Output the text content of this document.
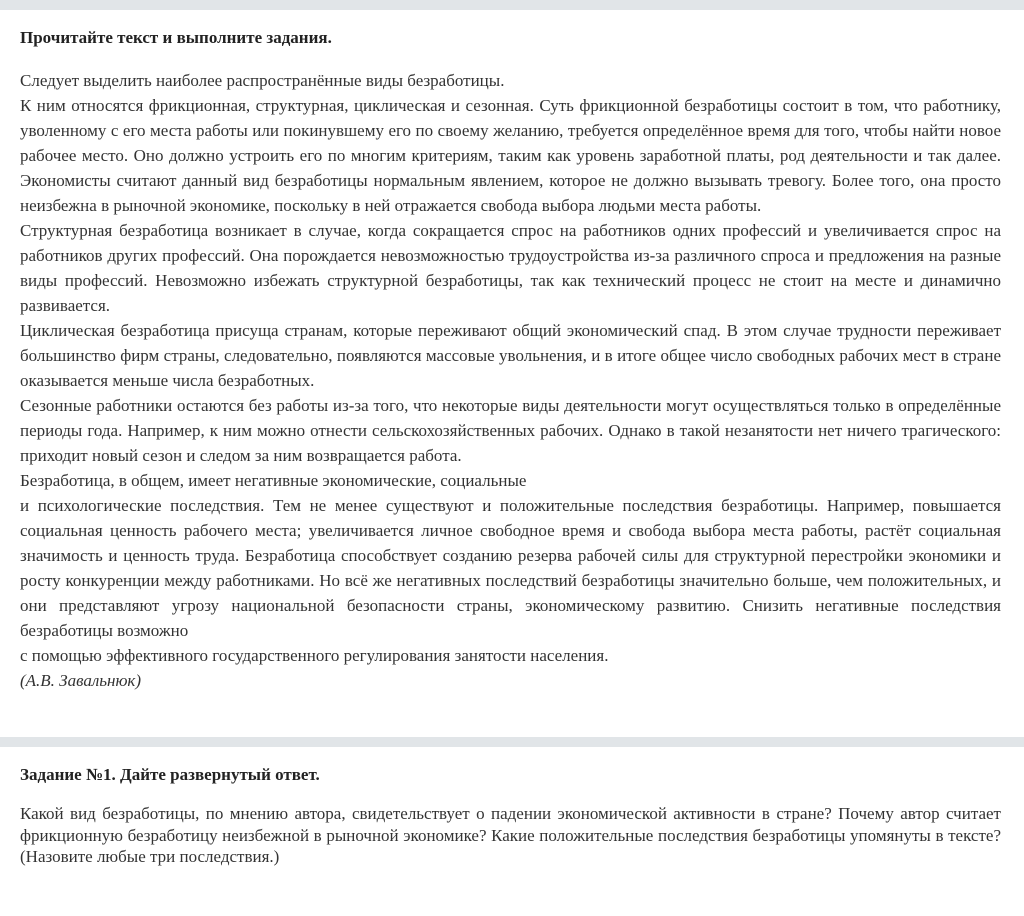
Прочитайте текст и выполните задания.

Следует выделить наиболее распространённые виды безработицы.

К ним относятся фрикционная, структурная, циклическая и сезонная. Суть фрикционной безработицы состоит в том, что работнику, уволенному с его места работы или покинувшему его по своему желанию, требуется определённое время для того, чтобы найти новое рабочее место. Оно должно устроить его по многим критериям, таким как уровень заработной платы, род деятельности и так далее. Экономисты считают данный вид безработицы нормальным явлением, которое не должно вызывать тревогу. Более того, она просто неизбежна в рыночной экономике, поскольку в ней отражается свобода выбора людьми места работы.

Структурная безработица возникает в случае, когда сокращается спрос на работников одних профессий и увеличивается спрос на работников других профессий. Она порождается невозможностью трудоустройства из-за различного спроса и предложения на разные виды профессий. Невозможно избежать структурной безработицы, так как технический процесс не стоит на месте и динамично развивается.

Циклическая безработица присуща странам, которые переживают общий экономический спад. В этом случае трудности переживает большинство фирм страны, следовательно, появляются массовые увольнения, и в итоге общее число свободных рабочих мест в стране оказывается меньше числа безработных.

Сезонные работники остаются без работы из-за того, что некоторые виды деятельности могут осуществляться только в определённые периоды года. Например, к ним можно отнести сельскохозяйственных рабочих. Однако в такой незанятости нет ничего трагического: приходит новый сезон и следом за ним возвращается работа.

Безработица, в общем, имеет негативные экономические, социальные

и психологические последствия. Тем не менее существуют и положительные последствия безработицы. Например, повышается социальная ценность рабочего места; увеличивается личное свободное время и свобода выбора места работы, растёт социальная значимость и ценность труда. Безработица способствует созданию резерва рабочей силы для структурной перестройки экономики и росту конкуренции между работниками. Но всё же негативных последствий безработицы значительно больше, чем положительных, и они представляют угрозу национальной безопасности страны, экономическому развитию. Снизить негативные последствия безработицы возможно

с помощью эффективного государственного регулирования занятости населения.

(А.В. Завальнюк)

Задание №1. Дайте развернутый ответ.

Какой вид безработицы, по мнению автора, свидетельствует о падении экономической активности в стране? Почему автор считает фрикционную безработицу неизбежной в рыночной экономике? Какие положительные последствия безработицы упомянуты в тексте? (Назовите любые три последствия.)
